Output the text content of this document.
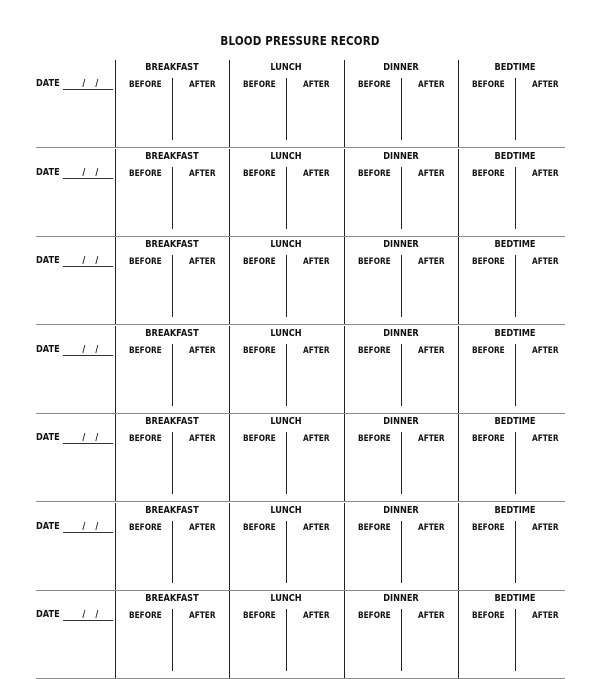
BLOOD PRESSURE RECORD
DATE / /
BREAKFAST
BEFORE	AFTER
LUNCH
BEFORE	AFTER
DINNER
BEFORE	AFTER
BEDTIME
BEFORE	AFTER
DATE / /
BREAKFAST
BEFORE	AFTER
LUNCH
BEFORE	AFTER
DINNER
BEFORE	AFTER
BEDTIME
BEFORE	AFTER
DATE / /
BREAKFAST
BEFORE	AFTER
LUNCH
BEFORE	AFTER
DINNER
BEFORE	AFTER
BEDTIME
BEFORE	AFTER
DATE / /
BREAKFAST
BEFORE	AFTER
LUNCH
BEFORE	AFTER
DINNER
BEFORE	AFTER
BEDTIME
BEFORE	AFTER
DATE / /
BREAKFAST
BEFORE	AFTER
LUNCH
BEFORE	AFTER
DINNER
BEFORE	AFTER
BEDTIME
BEFORE	AFTER
DATE / /
BREAKFAST
BEFORE	AFTER
LUNCH
BEFORE	AFTER
DINNER
BEFORE	AFTER
BEDTIME
BEFORE	AFTER
DATE / /
BREAKFAST
BEFORE	AFTER
LUNCH
BEFORE	AFTER
DINNER
BEFORE	AFTER
BEDTIME
BEFORE	AFTER
